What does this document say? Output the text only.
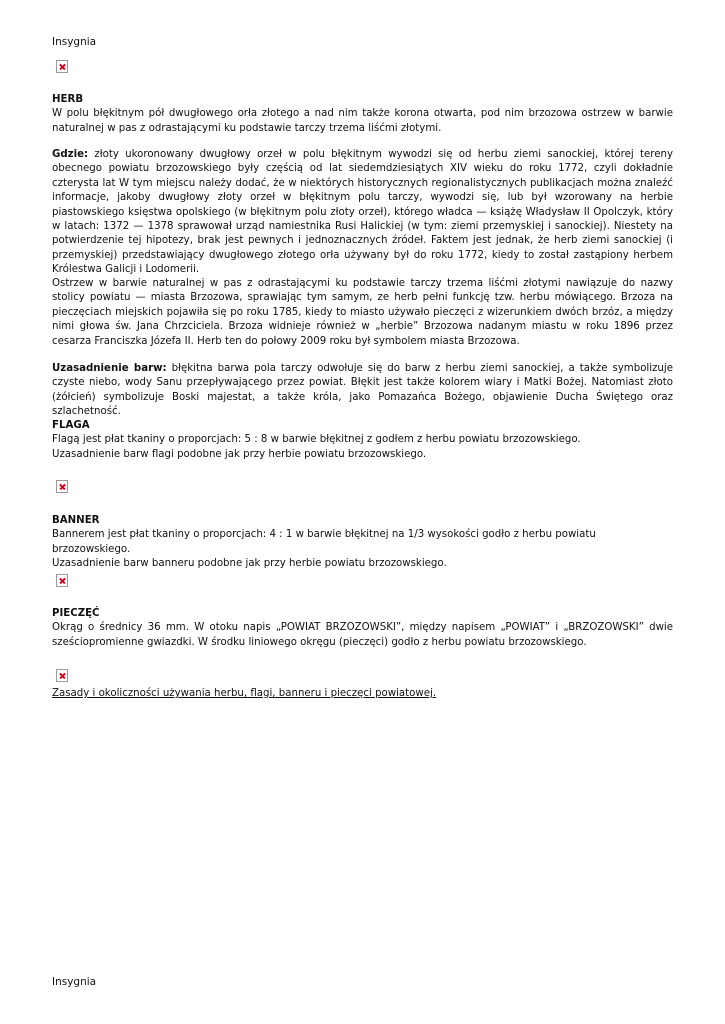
Insygnia
HERB
W polu błękitnym pół dwugłowego orła złotego a nad nim także korona otwarta, pod nim brzozowa ostrzew w barwie naturalnej w pas z odrastającymi ku podstawie tarczy trzema liśćmi złotymi.
Gdzie: złoty ukoronowany dwugłowy orzeł w polu błękitnym wywodzi się od herbu ziemi sanockiej, której tereny obecnego powiatu brzozowskiego były częścią od lat siedemdziesiątych XIV wieku do roku 1772, czyli dokładnie czterysta lat W tym miejscu należy dodać, że w niektórych historycznych regionalistycznych publikacjach można znaleźć informacje, jakoby dwugłowy złoty orzeł w błękitnym polu tarczy, wywodzi się, lub był wzorowany na herbie piastowskiego księstwa opolskiego (w błękitnym polu złoty orzeł), którego władca — książę Władysław II Opolczyk, który w latach: 1372 — 1378 sprawował urząd namiestnika Rusi Halickiej (w tym: ziemi przemyskiej i sanockiej). Niestety na potwierdzenie tej hipotezy, brak jest pewnych i jednoznacznych źródeł. Faktem jest jednak, że herb ziemi sanockiej (i przemyskiej) przedstawiający dwugłowego złotego orła używany był do roku 1772, kiedy to został zastąpiony herbem Królestwa Galicji i Lodomerii.
Ostrzew w barwie naturalnej w pas z odrastającymi ku podstawie tarczy trzema liśćmi złotymi nawiązuje do nazwy stolicy powiatu — miasta Brzozowa, sprawiając tym samym, ze herb pełni funkcję tzw. herbu mówiącego. Brzoza na pieczęciach miejskich pojawiła się po roku 1785, kiedy to miasto używało pieczęci z wizerunkiem dwóch brzóz, a między nimi głowa św. Jana Chrzciciela. Brzoza widnieje również w „herbie” Brzozowa nadanym miastu w roku 1896 przez cesarza Franciszka Józefa II. Herb ten do połowy 2009 roku był symbolem miasta Brzozowa.
Uzasadnienie barw: błękitna barwa pola tarczy odwołuje się do barw z herbu ziemi sanockiej, a także symbolizuje czyste niebo, wody Sanu przepływającego przez powiat. Błękit jest także kolorem wiary i Matki Bożej. Natomiast złoto (żółcień) symbolizuje Boski majestat, a także króla, jako Pomazańca Bożego, objawienie Ducha Świętego oraz szlachetność.
FLAGA
Flagą jest płat tkaniny o proporcjach: 5 : 8 w barwie błękitnej z godłem z herbu powiatu brzozowskiego.
Uzasadnienie barw flagi podobne jak przy herbie powiatu brzozowskiego.
BANNER
Bannerem jest płat tkaniny o proporcjach: 4 : 1 w barwie błękitnej na 1/3 wysokości godło z herbu powiatu brzozowskiego.
Uzasadnienie barw banneru podobne jak przy herbie powiatu brzozowskiego.
PIECZĘĆ
Okrąg o średnicy 36 mm. W otoku napis „POWIAT BRZOZOWSKI”, między napisem „POWIAT” i „BRZOZOWSKI” dwie sześciopromienne gwiazdki. W środku liniowego okręgu (pieczęci) godło z herbu powiatu brzozowskiego.
Zasady i okoliczności używania herbu, flagi, banneru i pieczęci powiatowej.
Insygnia
